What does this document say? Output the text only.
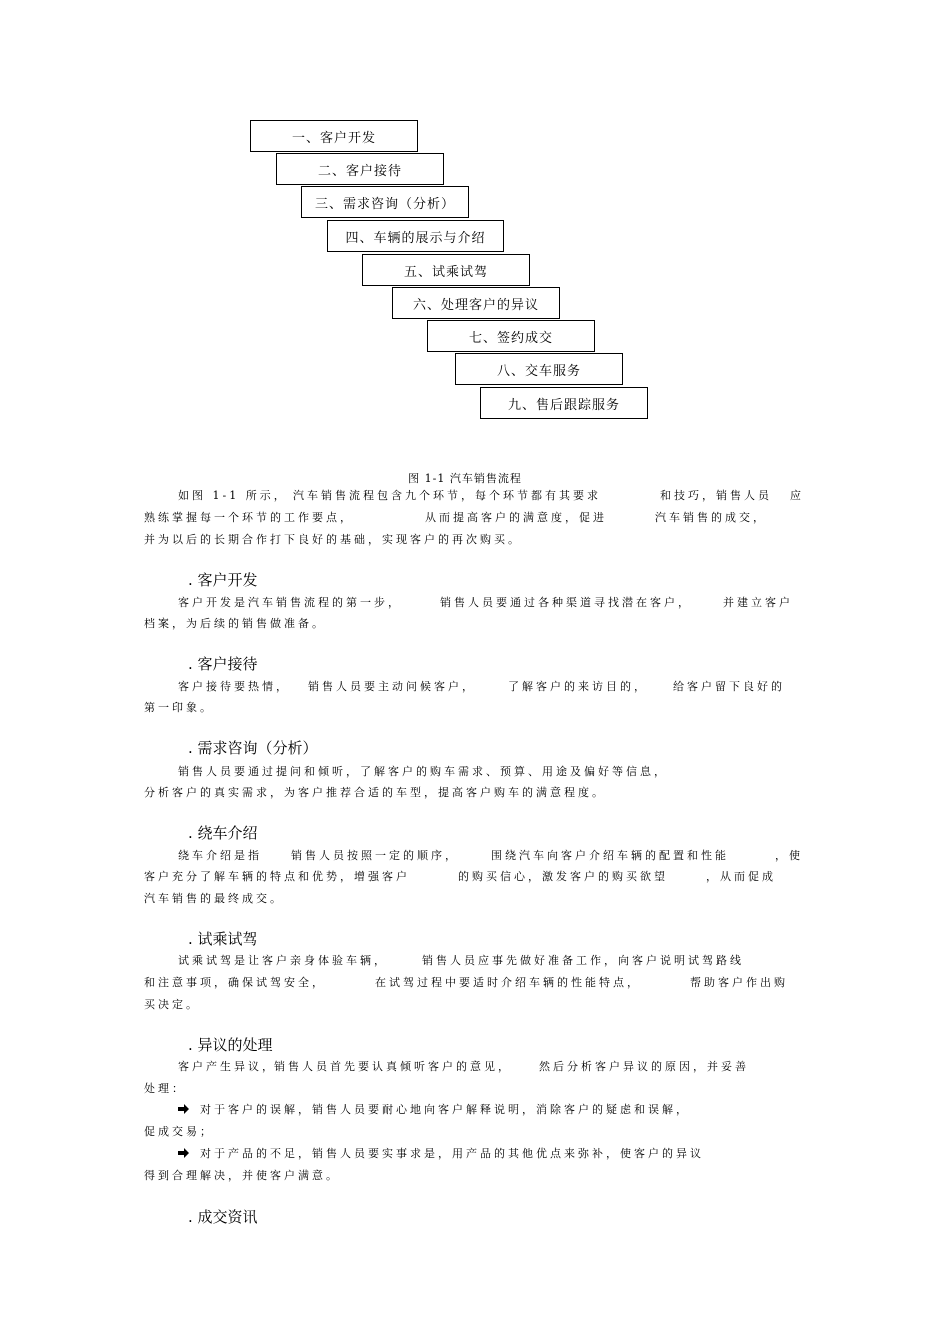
一、客户开发
二、客户接待
三、需求咨询（分析）
四、车辆的展示与介绍
五、试乘试驾
六、处理客户的异议
七、签约成交
八、交车服务
九、售后跟踪服务
图 1-1 汽车销售流程
如图 1-1 所示， 汽车销售流程包含九个环节，每个环节都有其要求	和技巧，销售人员 应
熟练掌握每一个环节的工作要点，	从而提高客户的满意度，促进	汽车销售的成交，
并为以后的长期合作打下良好的基础，实现客户的再次购买。
. 客户开发
客户开发是汽车销售流程的第一步，	销售人员要通过各种渠道寻找潜在客户，	并建立客户
档案，为后续的销售做准备。
. 客户接待
客户接待要热情， 销售人员要主动问候客户，	了解客户的来访目的， 给客户留下良好的
第一印象。
. 需求咨询（分析）
销售人员要通过提问和倾听，了解客户的购车需求、预算、用途及偏好等信息，
分析客户的真实需求，为客户推荐合适的车型，提高客户购车的满意程度。
. 绕车介绍
绕车介绍是指	销售人员按照一定的顺序，	围绕汽车向客户介绍车辆的配置和性能	，使
客户充分了解车辆的特点和优势，增强客户	的购买信心，激发客户的购买欲望	，从而促成
汽车销售的最终成交。
. 试乘试驾
试乘试驾是让客户亲身体验车辆，	销售人员应事先做好准备工作，向客户说明试驾路线
和注意事项，确保试驾安全，	在试驾过程中要适时介绍车辆的性能特点，	帮助客户作出购
买决定。
. 异议的处理
客户产生异议，
销售人员首先要认真倾听客户的意见， 然后分析客户异议的原因，并妥善
处理：
对于客户的误解，销售人员要耐心地向客户解释说明，消除客户的疑虑和误解，
促成交易；
对于产品的不足，销售人员要实事求是，用产品的其他优点来弥补，使客户的异议
得到合理解决，并使客户满意。
. 成交资讯
